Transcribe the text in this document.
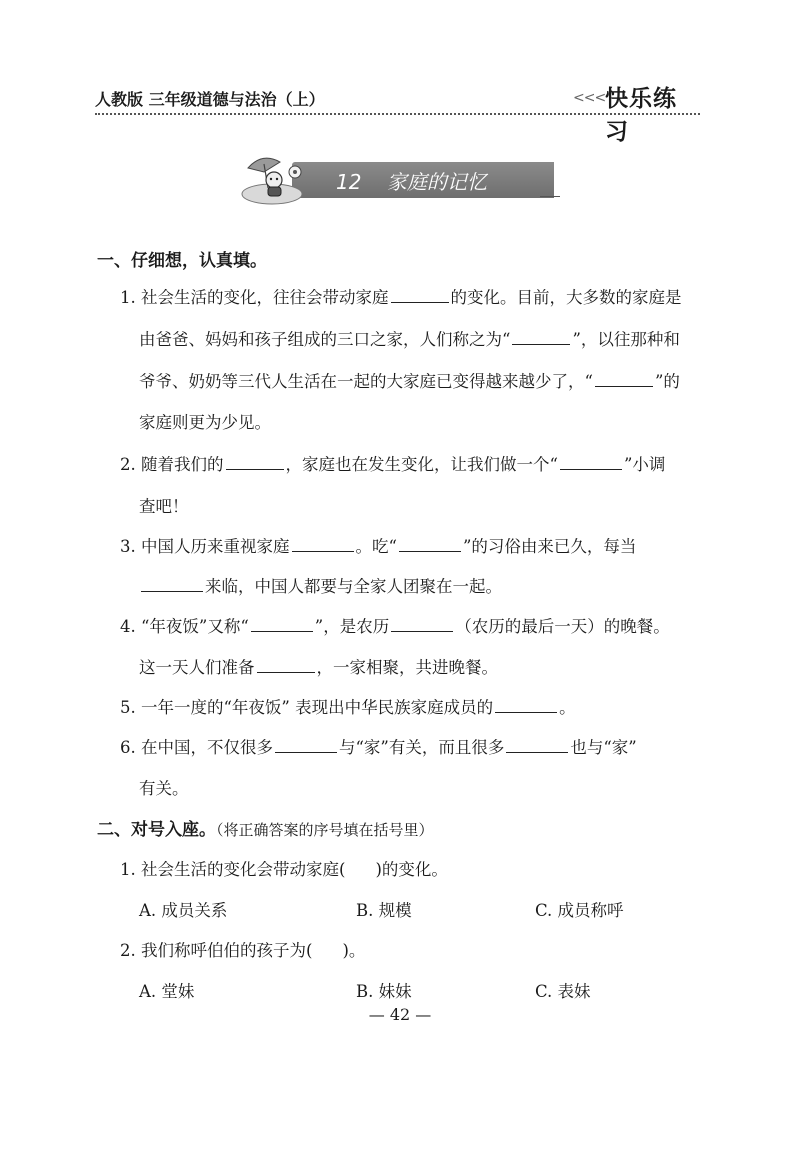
人教版 三年级道德与法治（上）	<<< 快乐练习
12 家庭的记忆
一、仔细想，认真填。
1. 社会生活的变化，往往会带动家庭	的变化。目前，大多数的家庭是
由爸爸、妈妈和孩子组成的三口之家，人们称之为“	”，以往那种和
爷爷、奶奶等三代人生活在一起的大家庭已变得越来越少了，“	”的
家庭则更为少见。
2. 随着我们的	，家庭也在发生变化，让我们做一个“	”小调
查吧！
3. 中国人历来重视家庭	。吃“	”的习俗由来已久，每当
来临，中国人都要与全家人团聚在一起。
4. “年夜饭”又称“	”，是农历	（农历的最后一天）的晚餐。
这一天人们准备	，一家相聚，共进晚餐。
5. 一年一度的“年夜饭” 表现出中华民族家庭成员的	。
6. 在中国，不仅很多	与“家”有关，而且很多	也与“家”
有关。
二、对号入座。（将正确答案的序号填在括号里）
1. 社会生活的变化会带动家庭( )的变化。
A. 成员关系	B. 规模	C. 成员称呼
2. 我们称呼伯伯的孩子为( )。
A. 堂妹	B. 妹妹	C. 表妹
— 42 —
